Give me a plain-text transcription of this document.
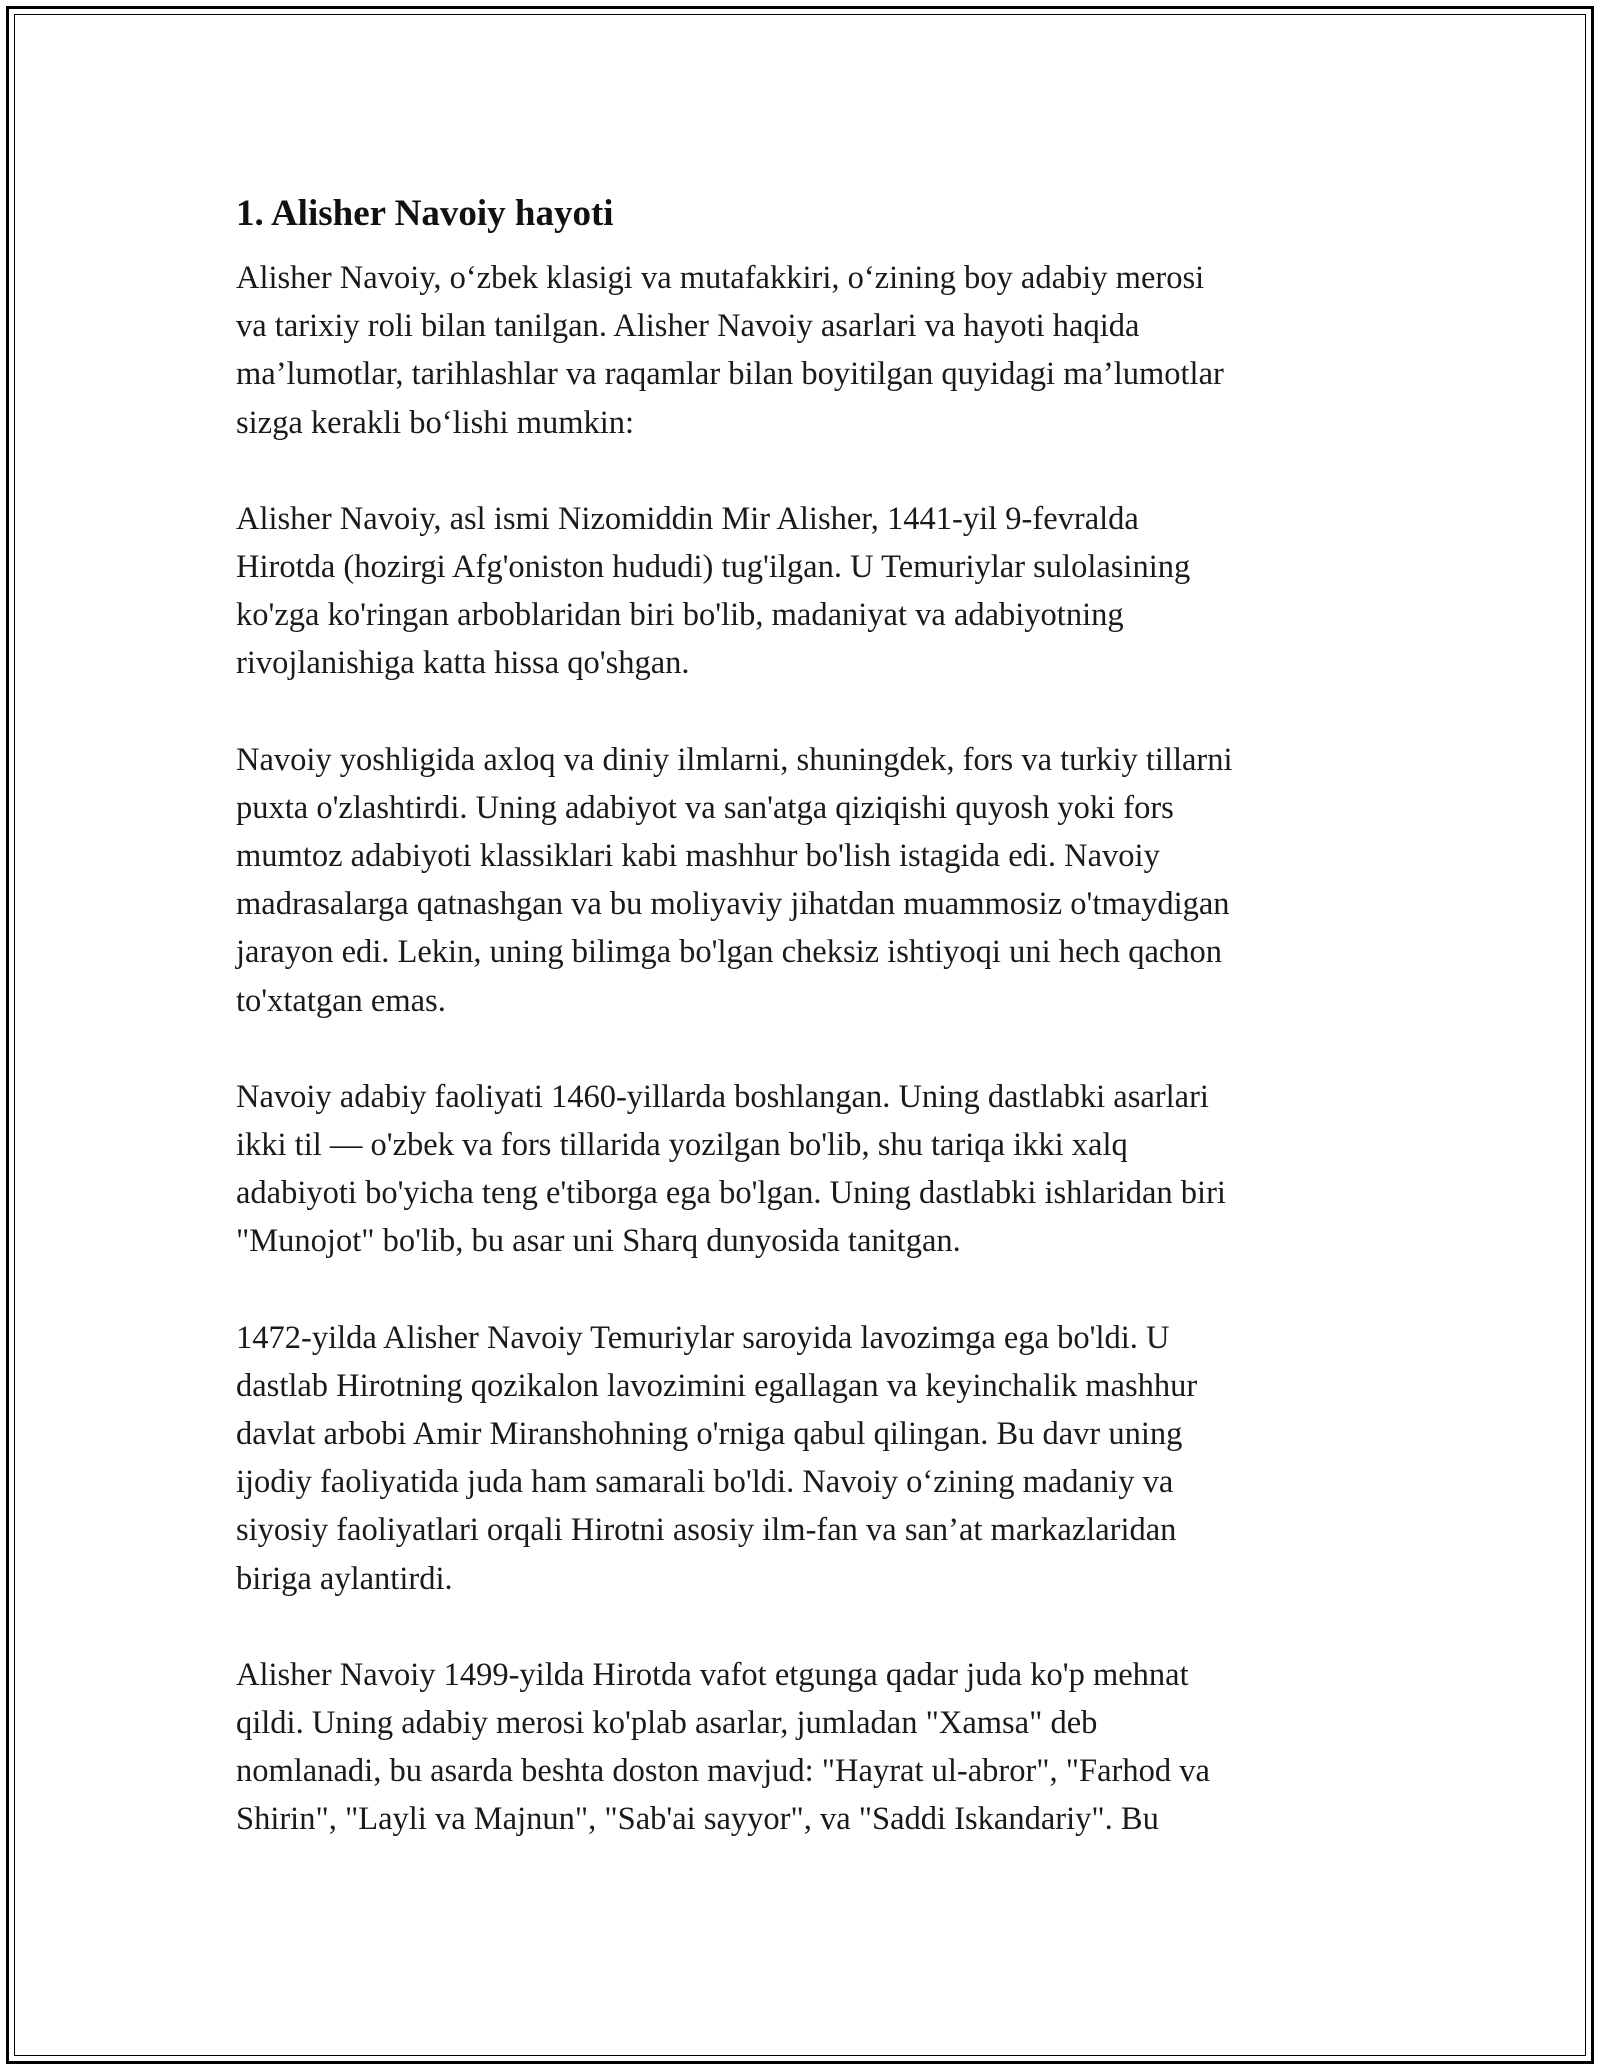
1. Alisher Navoiy hayoti
Alisher Navoiy, o‘zbek klasigi va mutafakkiri, o‘zining boy adabiy merosi
va tarixiy roli bilan tanilgan. Alisher Navoiy asarlari va hayoti haqida
ma’lumotlar, tarihlashlar va raqamlar bilan boyitilgan quyidagi ma’lumotlar
sizga kerakli bo‘lishi mumkin:
Alisher Navoiy, asl ismi Nizomiddin Mir Alisher, 1441-yil 9-fevralda
Hirotda (hozirgi Afg'oniston hududi) tug'ilgan. U Temuriylar sulolasining
ko'zga ko'ringan arboblaridan biri bo'lib, madaniyat va adabiyotning
rivojlanishiga katta hissa qo'shgan.
Navoiy yoshligida axloq va diniy ilmlarni, shuningdek, fors va turkiy tillarni
puxta o'zlashtirdi. Uning adabiyot va san'atga qiziqishi quyosh yoki fors
mumtoz adabiyoti klassiklari kabi mashhur bo'lish istagida edi. Navoiy
madrasalarga qatnashgan va bu moliyaviy jihatdan muammosiz o'tmaydigan
jarayon edi. Lekin, uning bilimga bo'lgan cheksiz ishtiyoqi uni hech qachon
to'xtatgan emas.
Navoiy adabiy faoliyati 1460-yillarda boshlangan. Uning dastlabki asarlari
ikki til — o'zbek va fors tillarida yozilgan bo'lib, shu tariqa ikki xalq
adabiyoti bo'yicha teng e'tiborga ega bo'lgan. Uning dastlabki ishlaridan biri
"Munojot" bo'lib, bu asar uni Sharq dunyosida tanitgan.
1472-yilda Alisher Navoiy Temuriylar saroyida lavozimga ega bo'ldi. U
dastlab Hirotning qozikalon lavozimini egallagan va keyinchalik mashhur
davlat arbobi Amir Miranshohning o'rniga qabul qilingan. Bu davr uning
ijodiy faoliyatida juda ham samarali bo'ldi. Navoiy o‘zining madaniy va
siyosiy faoliyatlari orqali Hirotni asosiy ilm-fan va san’at markazlaridan
biriga aylantirdi.
Alisher Navoiy 1499-yilda Hirotda vafot etgunga qadar juda ko'p mehnat
qildi. Uning adabiy merosi ko'plab asarlar, jumladan "Xamsa" deb
nomlanadi, bu asarda beshta doston mavjud: "Hayrat ul-abror", "Farhod va
Shirin", "Layli va Majnun", "Sab'ai sayyor", va "Saddi Iskandariy". Bu
